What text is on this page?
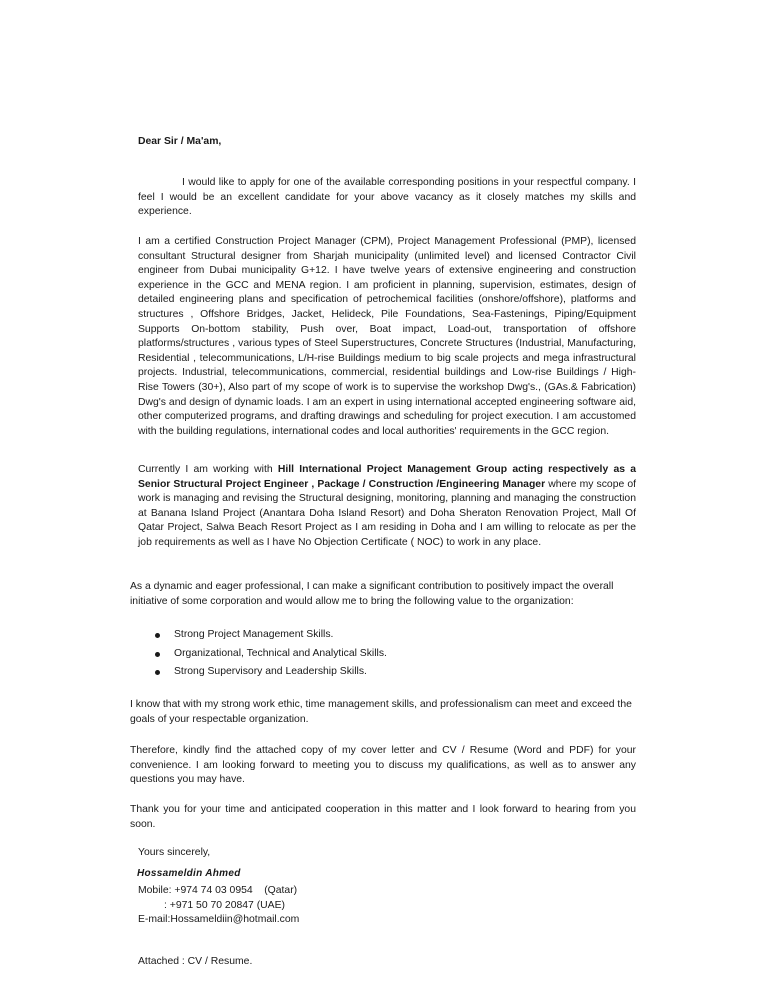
Dear Sir / Ma'am,

I would like to apply for one of the available corresponding positions in your respectful company. I feel I would be an excellent candidate for your above vacancy as it closely matches my skills and experience.

I am a certified Construction Project Manager (CPM), Project Management Professional (PMP), licensed consultant Structural designer from Sharjah municipality (unlimited level) and licensed Contractor Civil engineer from Dubai municipality G+12. I have twelve years of extensive engineering and construction experience in the GCC and MENA region. I am proficient in planning, supervision, estimates, design of detailed engineering plans and specification of petrochemical facilities (onshore/offshore), platforms and structures , Offshore Bridges, Jacket, Helideck, Pile Foundations, Sea-Fastenings, Piping/Equipment Supports On-bottom stability, Push over, Boat impact, Load-out, transportation of offshore platforms/structures , various types of Steel Superstructures, Concrete Structures (Industrial, Manufacturing, Residential , telecommunications, L/H-rise Buildings medium to big scale projects and mega infrastructural projects. Industrial, telecommunications, commercial, residential buildings and Low-rise Buildings / High-Rise Towers (30+), Also part of my scope of work is to supervise the workshop Dwg's., (GAs.& Fabrication) Dwg's and design of dynamic loads. I am an expert in using international accepted engineering software aid, other computerized programs, and drafting drawings and scheduling for project execution. I am accustomed with the building regulations, international codes and local authorities' requirements in the GCC region.

Currently I am working with Hill International Project Management Group acting respectively as a Senior Structural Project Engineer , Package / Construction /Engineering Manager where my scope of work is managing and revising the Structural designing, monitoring, planning and managing the construction at Banana Island Project (Anantara Doha Island Resort) and Doha Sheraton Renovation Project, Mall Of Qatar Project, Salwa Beach Resort Project as I am residing in Doha and I am willing to relocate as per the job requirements as well as I have No Objection Certificate ( NOC) to work in any place.

As a dynamic and eager professional, I can make a significant contribution to positively impact the overall initiative of some corporation and would allow me to bring the following value to the organization:

Strong Project Management Skills.
Organizational, Technical and Analytical Skills.
Strong Supervisory and Leadership Skills.

I know that with my strong work ethic, time management skills, and professionalism can meet and exceed the goals of your respectable organization.

Therefore, kindly find the attached copy of my cover letter and CV / Resume (Word and PDF) for your convenience. I am looking forward to meeting you to discuss my qualifications, as well as to answer any questions you may have.

Thank you for your time and anticipated cooperation in this matter and I look forward to hearing from you soon.

Yours sincerely,

Hossameldin Ahmed

Mobile: +974 74 03 0954    (Qatar)
: +971 50 70 20847 (UAE)
E-mail:Hossameldiin@hotmail.com

Attached : CV / Resume.
